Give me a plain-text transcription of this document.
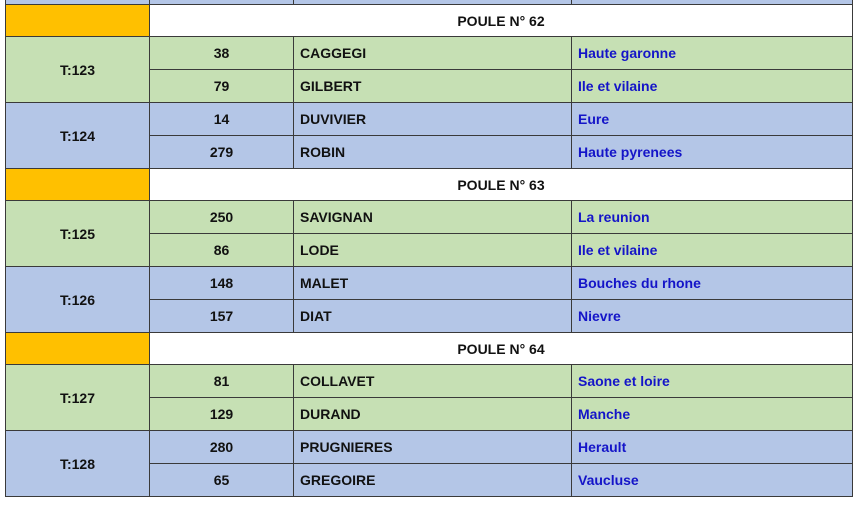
	POULE N° 62		
T:123	38	CAGGEGI	Haute garonne
	79	GILBERT	Ile et vilaine
T:124	14	DUVIVIER	Eure
	279	ROBIN	Haute pyrenees
	POULE N° 63		
T:125	250	SAVIGNAN	La reunion
	86	LODE	Ile et vilaine
T:126	148	MALET	Bouches du rhone
	157	DIAT	Nievre
	POULE N° 64		
T:127	81	COLLAVET	Saone et loire
	129	DURAND	Manche
T:128	280	PRUGNIERES	Herault
	65	GREGOIRE	Vaucluse
